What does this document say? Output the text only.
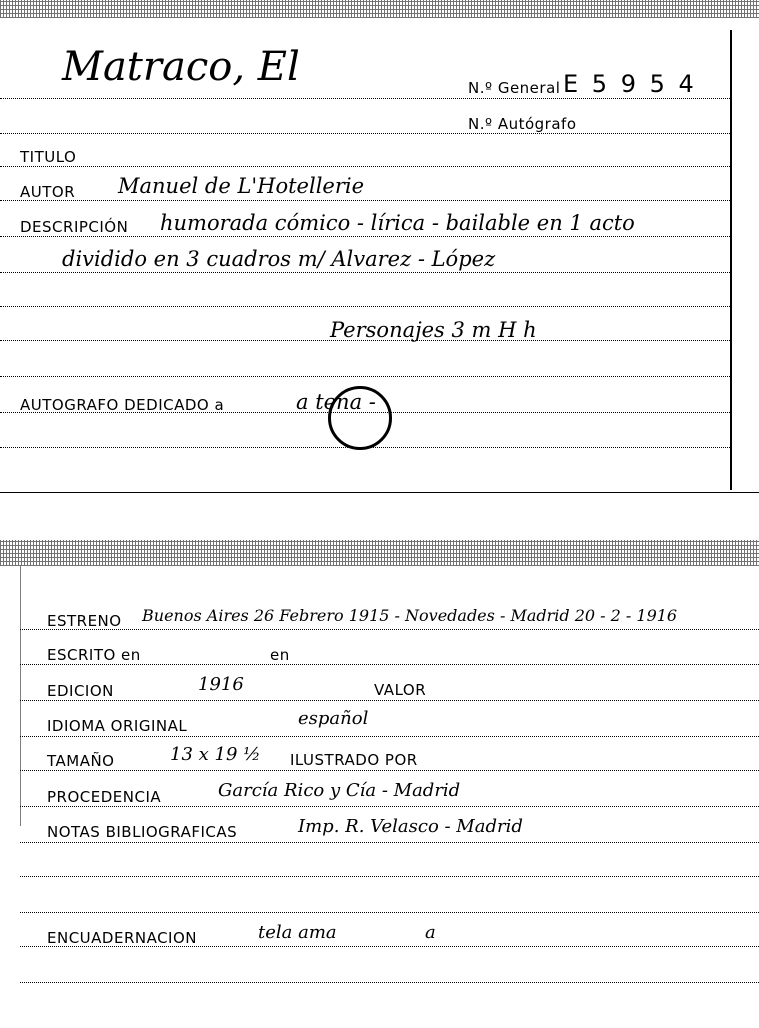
Matraco, El	N.º General E 5 9 5 4
N.º Autógrafo
TITULO
AUTOR Manuel de L'Hotellerie
DESCRIPCIÓN humorada cómico - lírica - bailable en 1 acto
dividido en 3 cuadros m/ Alvarez - López
Personajes 3 m H h
AUTOGRAFO DEDICADO a	a tena -
ESTRENO Buenos Aires 26 Febrero 1915 - Novedades - Madrid 20 - 2 - 1916
ESCRITO en	en
EDICION	1916	VALOR
IDIOMA ORIGINAL	español
TAMAÑO	13 x 19 ½ ILUSTRADO POR
PROCEDENCIA	García Rico y Cía - Madrid
NOTAS BIBLIOGRAFICAS	Imp. R. Velasco - Madrid
ENCUADERNACION	tela ama	a
